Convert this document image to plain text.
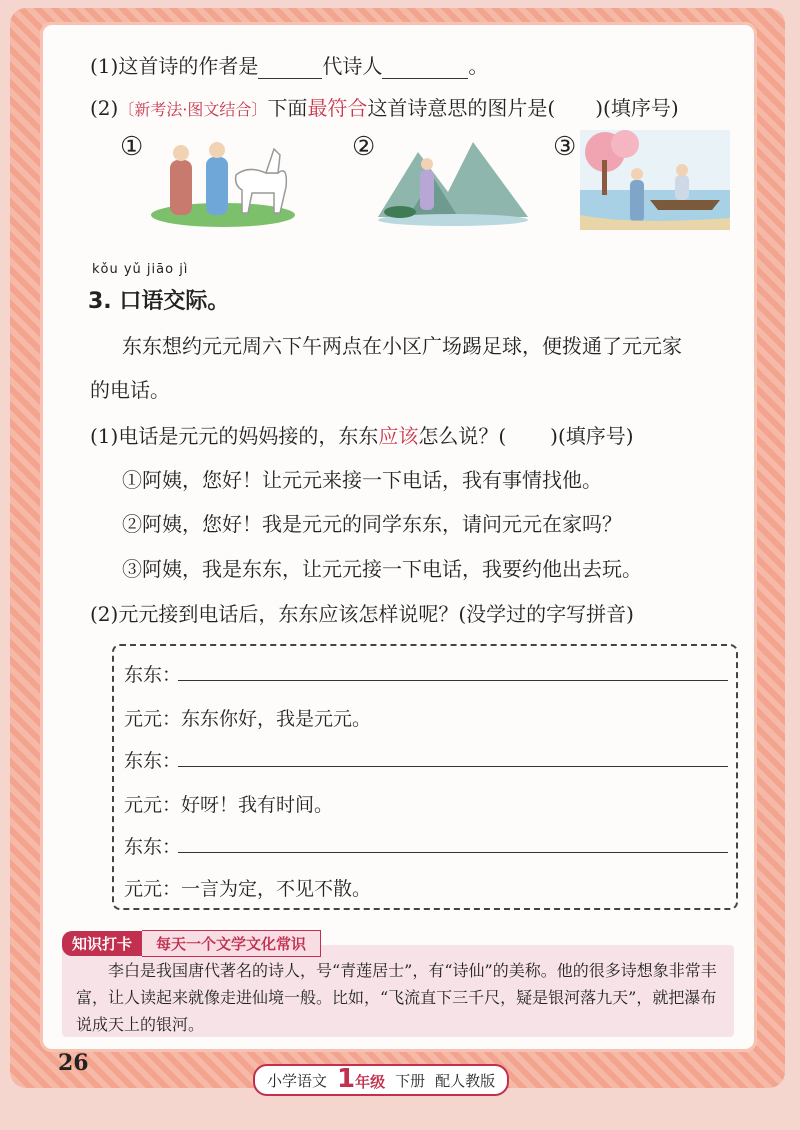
(1)这首诗的作者是	代诗人	。
(2)〔新考法·图文结合〕下面最符合这首诗意思的图片是( )(填序号)
①	②	③
kǒu yǔ jiāo jì
3. 口语交际。
东东想约元元周六下午两点在小区广场踢足球，便拨通了元元家
的电话。
(1)电话是元元的妈妈接的，东东应该怎么说？( )(填序号)
①阿姨，您好！让元元来接一下电话，我有事情找他。
②阿姨，您好！我是元元的同学东东，请问元元在家吗？
③阿姨，我是东东，让元元接一下电话，我要约他出去玩。
(2)元元接到电话后，东东应该怎样说呢？(没学过的字写拼音)
东东：
元元：东东你好，我是元元。
东东：
元元：好呀！我有时间。
东东：
元元：一言为定，不见不散。
李白是我国唐代著名的诗人，号“青莲居士”，有“诗仙”的美称。他的很多诗想象非常丰富，让人读起来就像走进仙境一般。比如，“飞流直下三千尺，疑是银河落九天”，就把瀑布说成天上的银河。
知识打卡	每天一个文学文化常识
26
小学语文 1年级 下册 配人教版
